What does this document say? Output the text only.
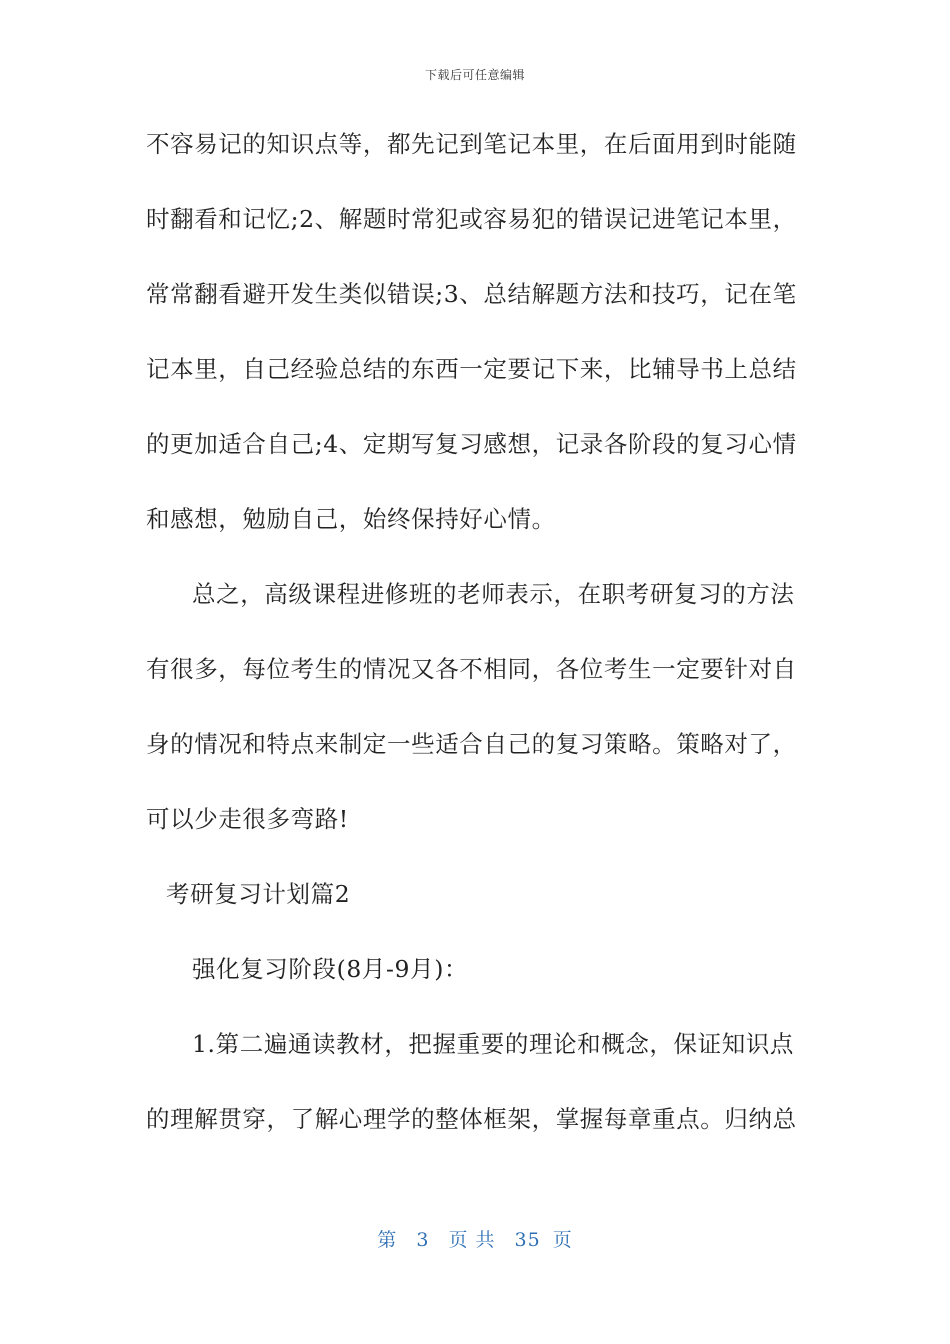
下载后可任意编辑
不容易记的知识点等，都先记到笔记本里，在后面用到时能随
时翻看和记忆;2、解题时常犯或容易犯的错误记进笔记本里，
常常翻看避开发生类似错误;3、总结解题方法和技巧，记在笔
记本里，自己经验总结的东西一定要记下来，比辅导书上总结
的更加适合自己;4、定期写复习感想，记录各阶段的复习心情
和感想，勉励自己，始终保持好心情。
总之，高级课程进修班的老师表示，在职考研复习的方法
有很多，每位考生的情况又各不相同，各位考生一定要针对自
身的情况和特点来制定一些适合自己的复习策略。策略对了，
可以少走很多弯路!
考研复习计划篇2
强化复习阶段(8月-9月)：
1.第二遍通读教材，把握重要的理论和概念，保证知识点
的理解贯穿，了解心理学的整体框架，掌握每章重点。归纳总
第 3 页 共 35 页
